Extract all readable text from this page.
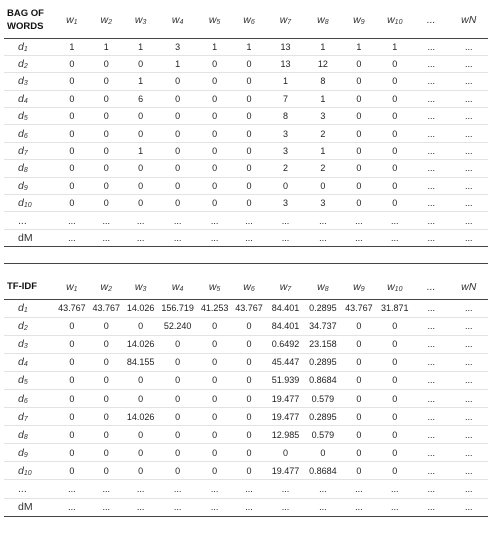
BAG OF
WORDS	$w_1$	$w_2$	$w_3$	$w_4$	$w_5$	$w_6$	$w_7$	$w_8$	$w_9$	$w_{10}$	...	wN
$d_1$	1	1	1	3	1	1	13	1	1	1	...	...
$d_2$	0	0	0	1	0	0	13	12	0	0	...	...
$d_3$	0	0	1	0	0	0	1	8	0	0	...	...
$d_4$	0	0	6	0	0	0	7	1	0	0	...	...
$d_5$	0	0	0	0	0	0	8	3	0	0	...	...
$d_6$	0	0	0	0	0	0	3	2	0	0	...	...
$d_7$	0	0	1	0	0	0	3	1	0	0	...	...
$d_8$	0	0	0	0	0	0	2	2	0	0	...	...
$d_9$	0	0	0	0	0	0	0	0	0	0	...	...
$d_{10}$	0	0	0	0	0	0	3	3	0	0	...	...
...	...	...	...	...	...	...	...	...	...	...	...	...
dM	...	...	...	...	...	...	...	...	...	...	...	...
TF-IDF	$w_1$	$w_2$	$w_3$	$w_4$	$w_5$	$w_6$	$w_7$	$w_8$	$w_9$	$w_{10}$	...	wN
$d_1$	43.767	43.767	14.026	156.719	41.253	43.767	84.401	0.2895	43.767	31.871	...	...
$d_2$	0	0	0	52.240	0	0	84.401	34.737	0	0	...	...
$d_3$	0	0	14.026	0	0	0	0.6492	23.158	0	0	...	...
$d_4$	0	0	84.155	0	0	0	45.447	0.2895	0	0	...	...
$d_5$	0	0	0	0	0	0	51.939	0.8684	0	0	...	...
$d_6$	0	0	0	0	0	0	19.477	0.579	0	0	...	...
$d_7$	0	0	14.026	0	0	0	19.477	0.2895	0	0	...	...
$d_8$	0	0	0	0	0	0	12.985	0.579	0	0	...	...
$d_9$	0	0	0	0	0	0	0	0	0	0	...	...
$d_{10}$	0	0	0	0	0	0	19.477	0.8684	0	0	...	...
...	...	...	...	...	...	...	...	...	...	...	...	...
dM	...	...	...	...	...	...	...	...	...	...	...	...
